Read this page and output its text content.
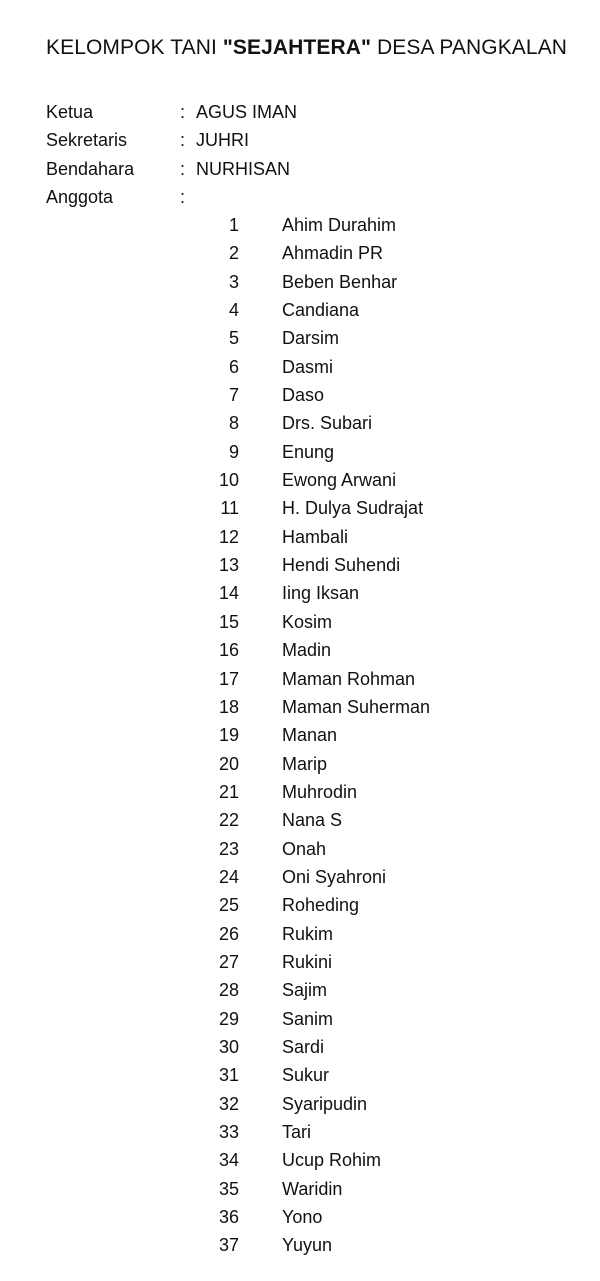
KELOMPOK TANI "SEJAHTERA" DESA PANGKALAN
Ketua	: AGUS IMAN
Sekretaris	: JUHRI
Bendahara	: NURHISAN
Anggota	:
1 Ahim Durahim
2 Ahmadin PR
3 Beben Benhar
4 Candiana
5 Darsim
6 Dasmi
7 Daso
8 Drs. Subari
9 Enung
10 Ewong Arwani
11 H. Dulya Sudrajat
12 Hambali
13 Hendi Suhendi
14 Iing Iksan
15 Kosim
16 Madin
17 Maman Rohman
18 Maman Suherman
19 Manan
20 Marip
21 Muhrodin
22 Nana S
23 Onah
24 Oni Syahroni
25 Roheding
26 Rukim
27 Rukini
28 Sajim
29 Sanim
30 Sardi
31 Sukur
32 Syaripudin
33 Tari
34 Ucup Rohim
35 Waridin
36 Yono
37 Yuyun
